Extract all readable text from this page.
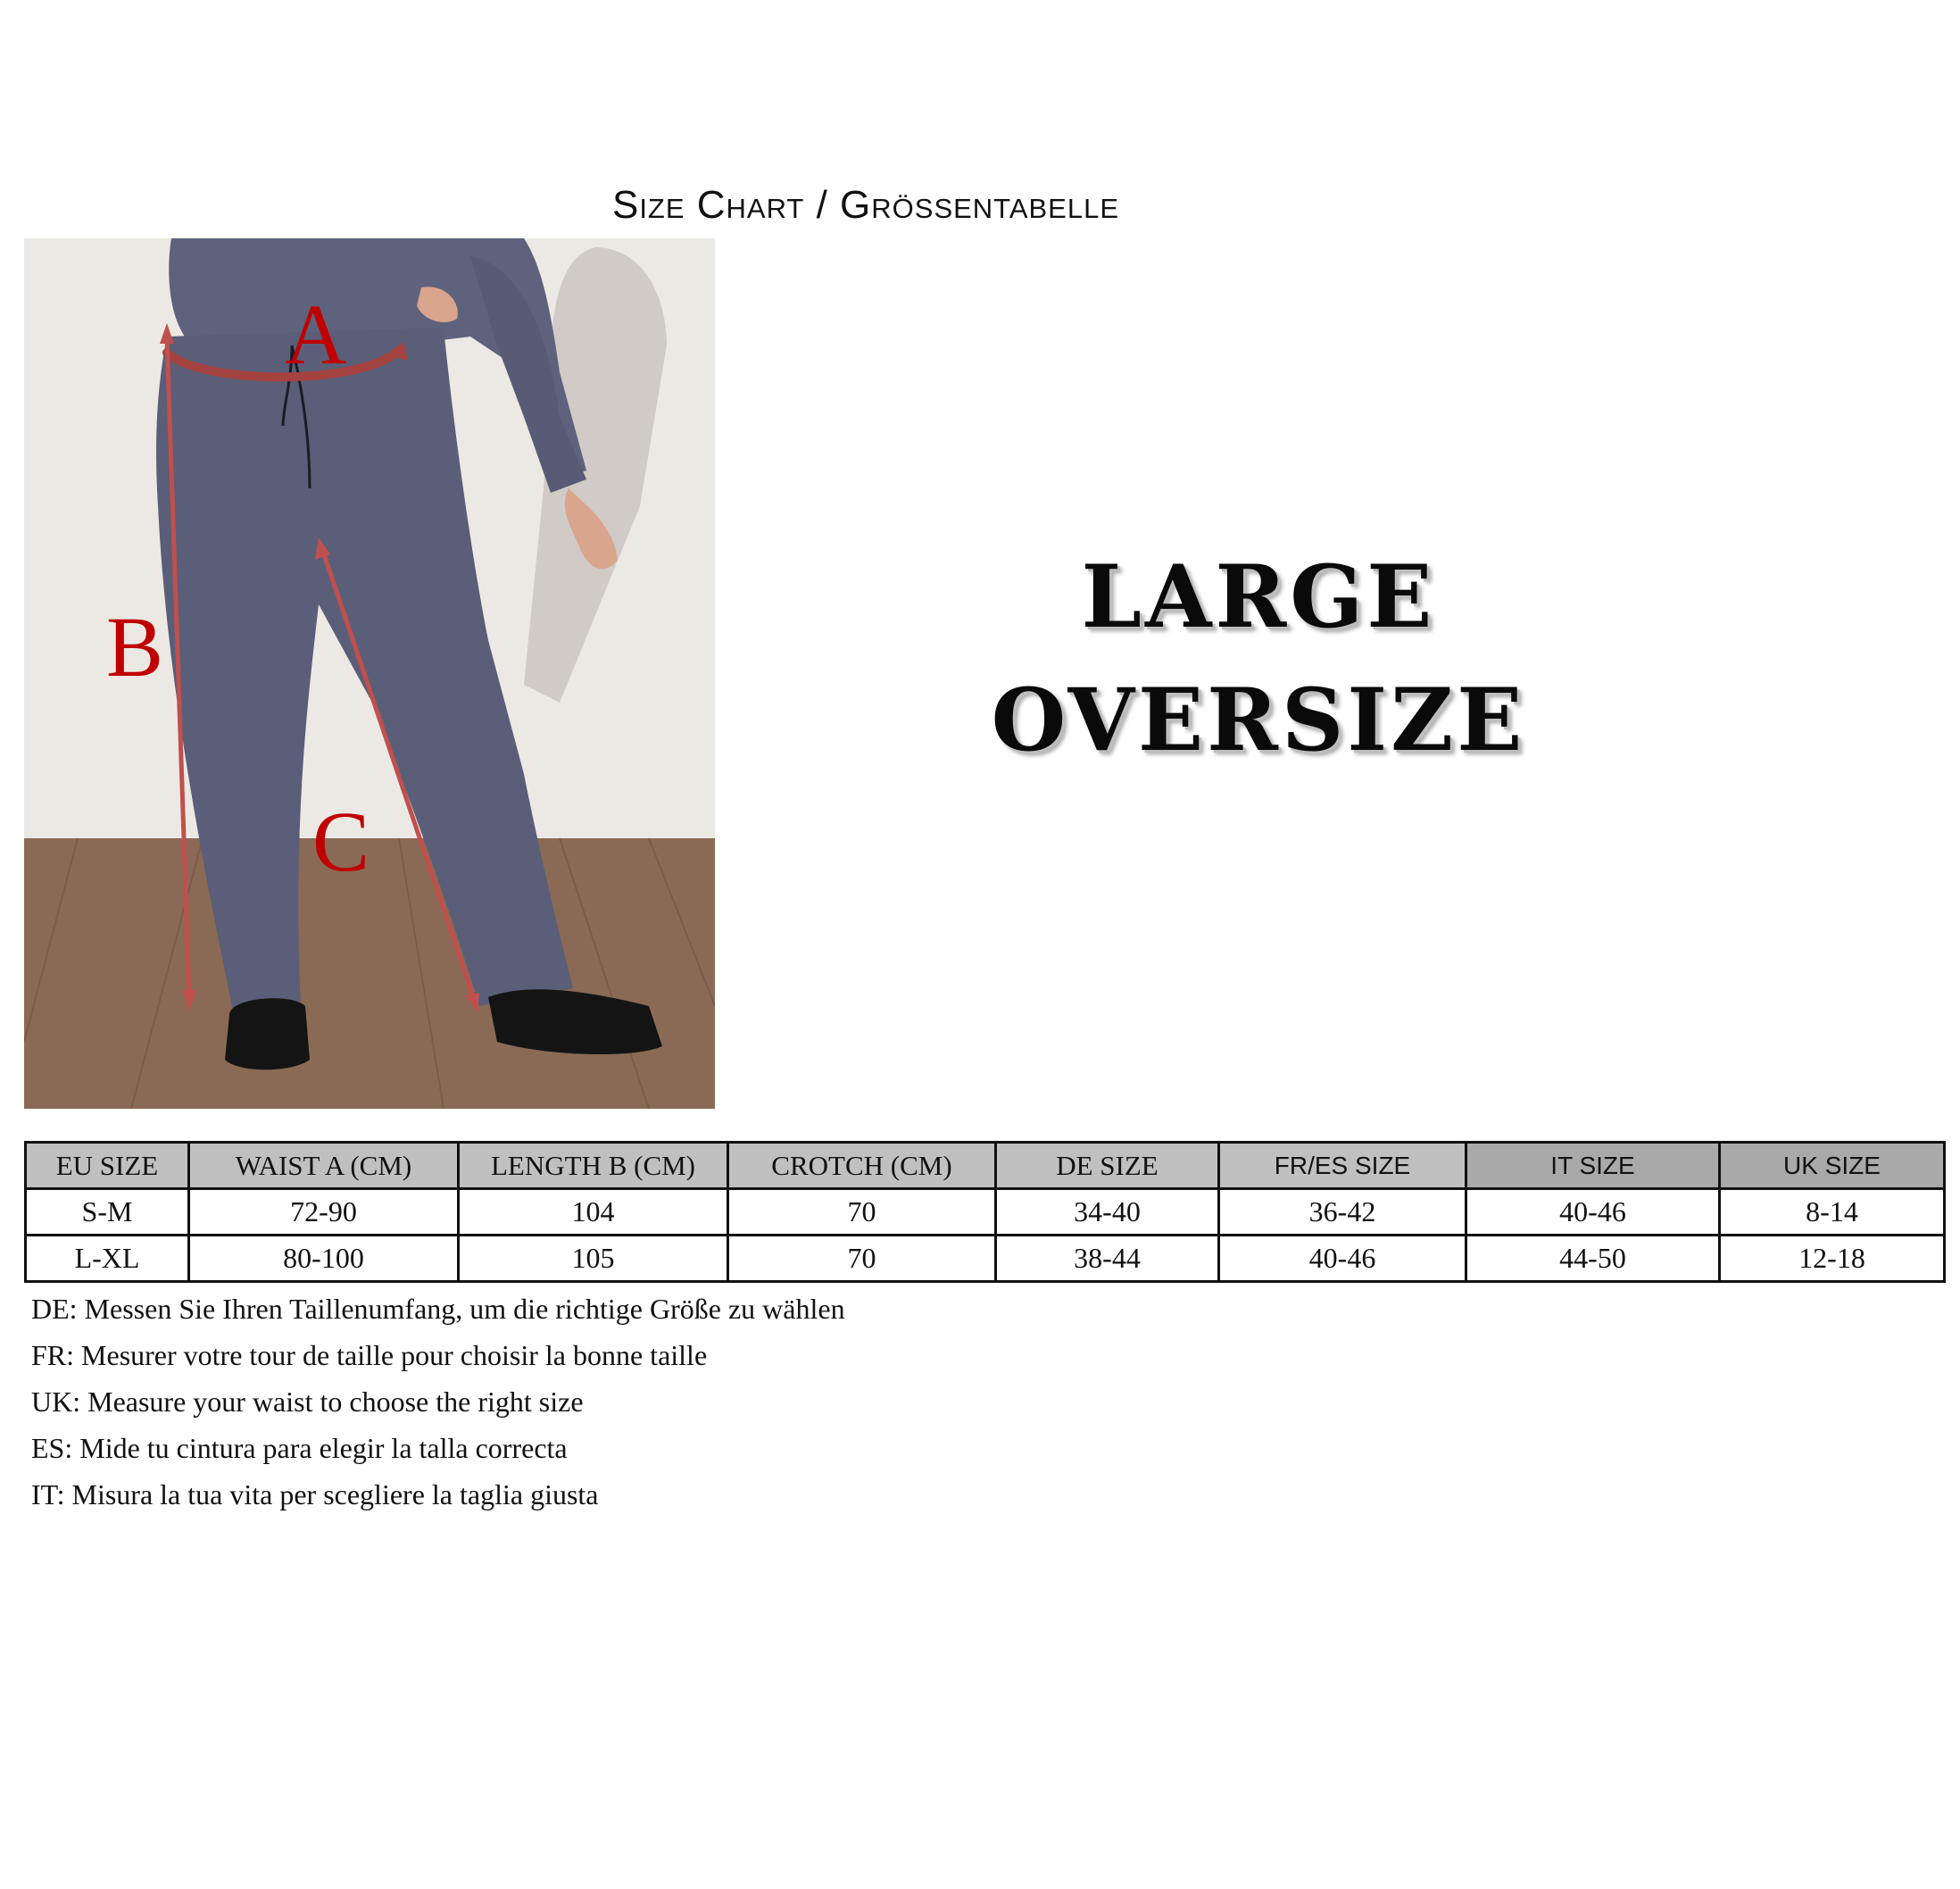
Size Chart / Grössentabelle
A
B
C
LARGE
OVERSIZE
EU SIZE	WAIST A (CM)	LENGTH B (CM)	CROTCH (CM)	DE SIZE	FR/ES SIZE	IT SIZE	UK SIZE
S-M	72-90	104	70	34-40	36-42	40-46	8-14
L-XL	80-100	105	70	38-44	40-46	44-50	12-18
DE: Messen Sie Ihren Taillenumfang, um die richtige Größe zu wählen
FR: Mesurer votre tour de taille pour choisir la bonne taille
UK: Measure your waist to choose the right size
ES: Mide tu cintura para elegir la talla correcta
IT: Misura la tua vita per scegliere la taglia giusta
